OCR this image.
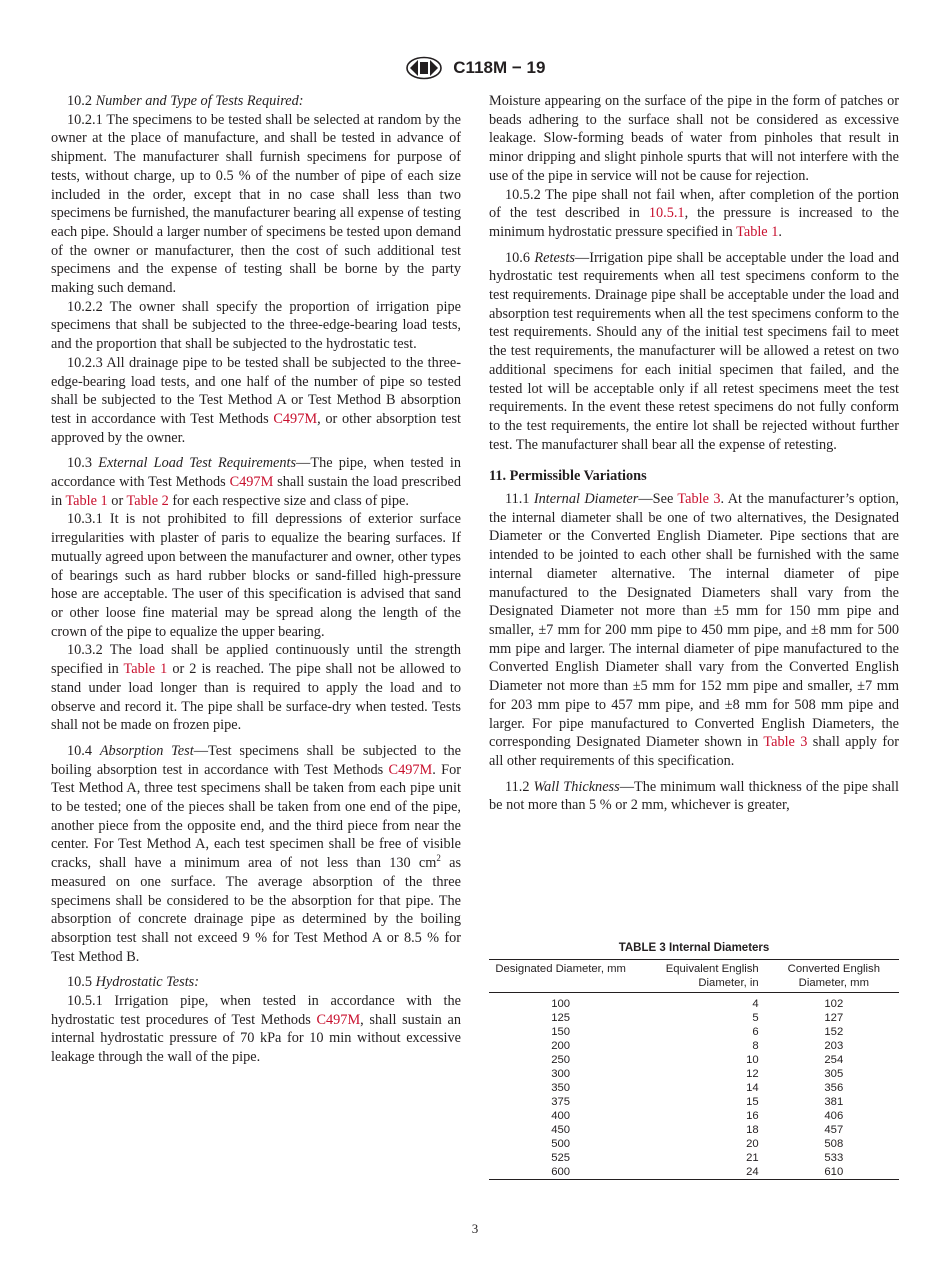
C118M − 19

10.2 Number and Type of Tests Required:

10.2.1 The specimens to be tested shall be selected at random by the owner at the place of manufacture, and shall be tested in advance of shipment. The manufacturer shall furnish specimens for purpose of tests, without charge, up to 0.5 % of the number of pipe of each size included in the order, except that in no case shall less than two specimens be furnished, the manufacturer bearing all expense of testing each pipe. Should a larger number of specimens be tested upon demand of the owner or manufacturer, then the cost of such additional test specimens and the expense of testing shall be borne by the party making such demand.

10.2.2 The owner shall specify the proportion of irrigation pipe specimens that shall be subjected to the three-edge-bearing load tests, and the proportion that shall be subjected to the hydrostatic test.

10.2.3 All drainage pipe to be tested shall be subjected to the three-edge-bearing load tests, and one half of the number of pipe so tested shall be subjected to the Test Method A or Test Method B absorption test in accordance with Test Methods C497M, or other absorption test approved by the owner.

10.3 External Load Test Requirements—The pipe, when tested in accordance with Test Methods C497M shall sustain the load prescribed in Table 1 or Table 2 for each respective size and class of pipe.

10.3.1 It is not prohibited to fill depressions of exterior surface irregularities with plaster of paris to equalize the bearing surfaces. If mutually agreed upon between the manufacturer and owner, other types of bearings such as hard rubber blocks or sand-filled high-pressure hose are acceptable. The user of this specification is advised that sand or other loose fine material may be spread along the length of the crown of the pipe to equalize the upper bearing.

10.3.2 The load shall be applied continuously until the strength specified in Table 1 or 2 is reached. The pipe shall not be allowed to stand under load longer than is required to apply the load and to observe and record it. The pipe shall be surface-dry when tested. Tests shall not be made on frozen pipe.

10.4 Absorption Test—Test specimens shall be subjected to the boiling absorption test in accordance with Test Methods C497M. For Test Method A, three test specimens shall be taken from each pipe unit to be tested; one of the pieces shall be taken from one end of the pipe, another piece from the opposite end, and the third piece from near the center. For Test Method A, each test specimen shall be free of visible cracks, shall have a minimum area of not less than 130 $cm^2$ as measured on one surface. The average absorption of the three specimens shall be considered to be the absorption for that pipe. The absorption of concrete drainage pipe as determined by the boiling absorption test shall not exceed 9 % for Test Method A or 8.5 % for Test Method B.

10.5 Hydrostatic Tests:

10.5.1 Irrigation pipe, when tested in accordance with the hydrostatic test procedures of Test Methods C497M, shall sustain an internal hydrostatic pressure of 70 kPa for 10 min without excessive leakage through the wall of the pipe.

Moisture appearing on the surface of the pipe in the form of patches or beads adhering to the surface shall not be considered as excessive leakage. Slow-forming beads of water from pinholes that result in minor dripping and slight pinhole spurts that will not interfere with the use of the pipe in service will not be cause for rejection.

10.5.2 The pipe shall not fail when, after completion of the portion of the test described in 10.5.1, the pressure is increased to the minimum hydrostatic pressure specified in Table 1.

10.6 Retests—Irrigation pipe shall be acceptable under the load and hydrostatic test requirements when all test specimens conform to the test requirements. Drainage pipe shall be acceptable under the load and absorption test requirements when all the test specimens conform to the test requirements. Should any of the initial test specimens fail to meet the test requirements, the manufacturer will be allowed a retest on two additional specimens for each initial specimen that failed, and the tested lot will be acceptable only if all retest specimens meet the test requirements. In the event these retest specimens do not fully conform to the test requirements, the entire lot shall be rejected without further test. The manufacturer shall bear all the expense of retesting.

11. Permissible Variations

11.1 Internal Diameter—See Table 3. At the manufacturer’s option, the internal diameter shall be one of two alternatives, the Designated Diameter or the Converted English Diameter. Pipe sections that are intended to be jointed to each other shall be furnished with the same internal diameter alternative. The internal diameter of pipe manufactured to the Designated Diameters shall vary from the Designated Diameter not more than ±5 mm for 150 mm pipe and smaller, ±7 mm for 200 mm pipe to 450 mm pipe, and ±8 mm for 500 mm pipe and larger. The internal diameter of pipe manufactured to the Converted English Diameter shall vary from the Converted English Diameter not more than ±5 mm for 152 mm pipe and smaller, ±7 mm for 203 mm pipe to 457 mm pipe, and ±8 mm for 508 mm pipe and larger. For pipe manufactured to Converted English Diameters, the corresponding Designated Diameter shown in Table 3 shall apply for all other requirements of this specification.

11.2 Wall Thickness—The minimum wall thickness of the pipe shall be not more than 5 % or 2 mm, whichever is greater,

TABLE 3 Internal Diameters
Designated Diameter, mm	Equivalent English Diameter, in	Converted English Diameter, mm
100	4	102
125	5	127
150	6	152
200	8	203
250	10	254
300	12	305
350	14	356
375	15	381
400	16	406
450	18	457
500	20	508
525	21	533
600	24	610
3
